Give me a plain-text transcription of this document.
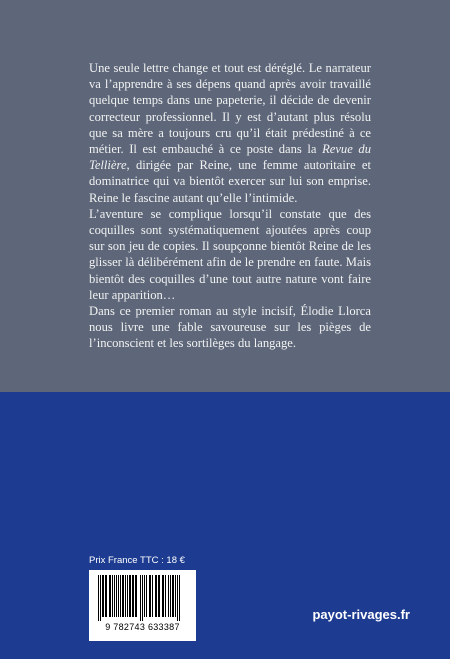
Une seule lettre change et tout est déréglé. Le narrateur va l’apprendre à ses dépens quand après avoir travaillé quelque temps dans une papeterie, il décide de devenir correcteur professionnel. Il y est d’autant plus résolu que sa mère a toujours cru qu’il était prédestiné à ce métier. Il est embauché à ce poste dans la Revue du Tellière, dirigée par Reine, une femme autoritaire et dominatrice qui va bientôt exercer sur lui son emprise. Reine le fascine autant qu’elle l’intimide.

L’aventure se complique lorsqu’il constate que des coquilles sont systématiquement ajoutées après coup sur son jeu de copies. Il soupçonne bientôt Reine de les glisser là délibérément afin de le prendre en faute. Mais bientôt des coquilles d’une tout autre nature vont faire leur apparition…

Dans ce premier roman au style incisif, Élodie Llorca nous livre une fable savoureuse sur les pièges de l’inconscient et les sortilèges du langage.

Prix France TTC : 18 €
9 782743 633387
payot-rivages.fr
